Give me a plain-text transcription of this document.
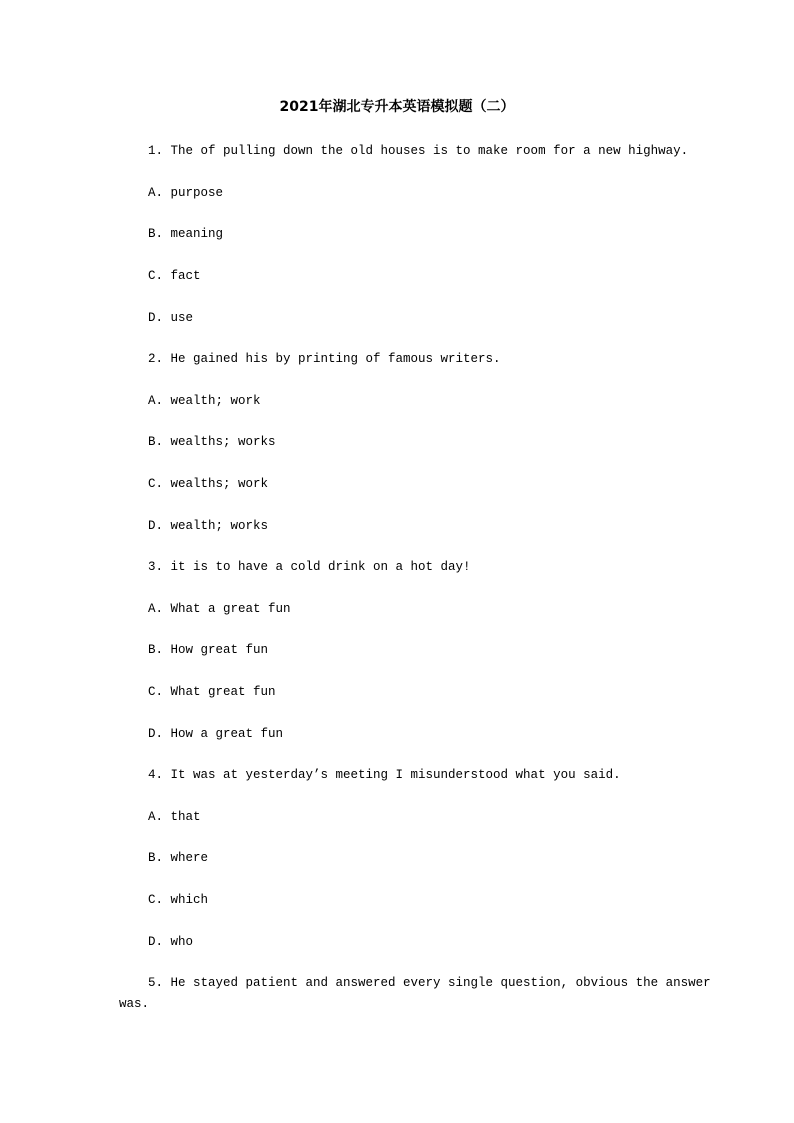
2021年湖北专升本英语模拟题（二）
1. The of pulling down the old houses is to make room for a new highway.
A. purpose
B. meaning
C. fact
D. use
2. He gained his by printing of famous writers.
A. wealth; work
B. wealths; works
C. wealths; work
D. wealth; works
3. it is to have a cold drink on a hot day!
A. What a great fun
B. How great fun
C. What great fun
D. How a great fun
4. It was at yesterday’s meeting I misunderstood what you said.
A. that
B. where
C. which
D. who
5. He stayed patient and answered every single question, obvious the answer
was.
